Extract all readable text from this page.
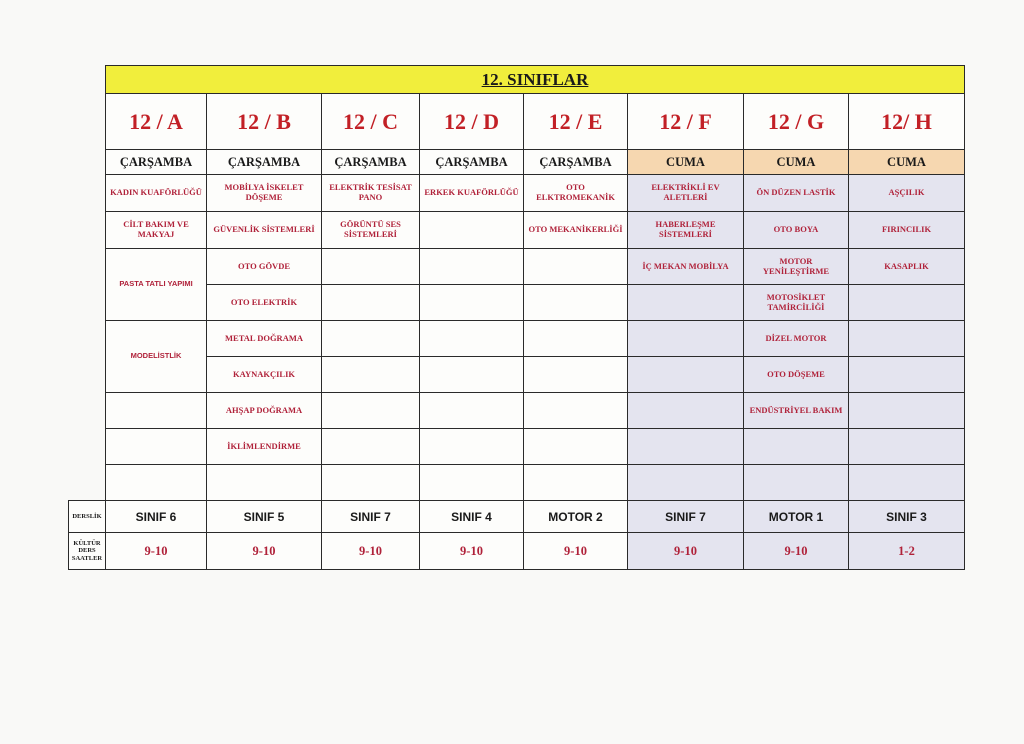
	12. SINIFLAR							
	12 / A	12 / B	12 / C	12 / D	12 / E	12 / F	12 / G	12/ H
	ÇARŞAMBA	ÇARŞAMBA	ÇARŞAMBA	ÇARŞAMBA	ÇARŞAMBA	CUMA	CUMA	CUMA
	KADIN KUAFÖRLÜĞÜ	MOBİLYA İSKELET DÖŞEME	ELEKTRİK TESİSAT PANO	ERKEK KUAFÖRLÜĞÜ	OTO ELKTROMEKANİK	ELEKTRİKLİ EV ALETLERİ	ÖN DÜZEN LASTİK	AŞÇILIK
	CİLT BAKIM VE MAKYAJ	GÜVENLİK SİSTEMLERİ	GÖRÜNTÜ SES SİSTEMLERİ		OTO MEKANİKERLİĞİ	HABERLEŞME SİSTEMLERİ	OTO BOYA	FIRINCILIK

	PASTA TATLI YAPIMI	OTO GÖVDE				İÇ MEKAN MOBİLYA	MOTOR YENİLEŞTİRME	KASAPLIK
		OTO ELEKTRİK					MOTOSİKLET TAMİRCİLİĞİ	

	MODELİSTLİK	METAL DOĞRAMA					DİZEL MOTOR	
		KAYNAKÇILIK					OTO DÖŞEME	
		AHŞAP DOĞRAMA					ENDÜSTRİYEL BAKIM	
		İKLİMLENDİRME						

DERSLİK	SINIF 6	SINIF 5	SINIF 7	SINIF 4	MOTOR 2	SINIF 7	MOTOR 1	SINIF 3
KÜLTÜR DERS SAATLER	9-10	9-10	9-10	9-10	9-10	9-10	9-10	1-2
